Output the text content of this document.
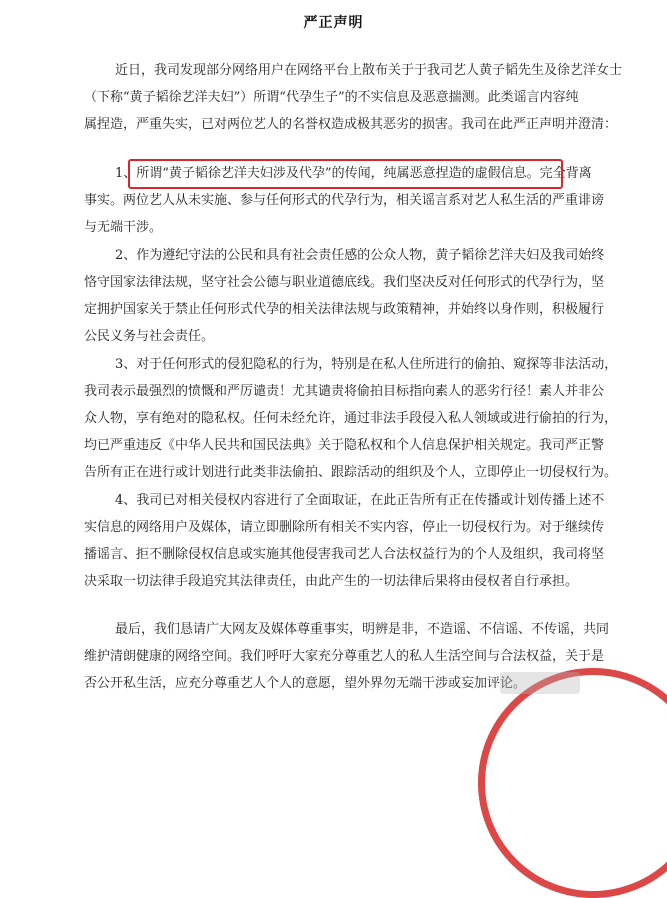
严正声明
近日，我司发现部分网络用户在网络平台上散布关于于我司艺人黄子韬先生及徐艺洋女士
（下称“黄子韬徐艺洋夫妇”）所谓“代孕生子”的不实信息及恶意揣测。此类谣言内容纯
属捏造，严重失实，已对两位艺人的名誉权造成极其恶劣的损害。我司在此严正声明并澄清：
1、所谓“黄子韬徐艺洋夫妇涉及代孕”的传闻，纯属恶意捏造的虚假信息。完全背离
事实。两位艺人从未实施、参与任何形式的代孕行为，相关谣言系对艺人私生活的严重诽谤
与无端干涉。
2、作为遵纪守法的公民和具有社会责任感的公众人物，黄子韬徐艺洋夫妇及我司始终
恪守国家法律法规，坚守社会公德与职业道德底线。我们坚决反对任何形式的代孕行为，坚
定拥护国家关于禁止任何形式代孕的相关法律法规与政策精神，并始终以身作则，积极履行
公民义务与社会责任。
3、对于任何形式的侵犯隐私的行为，特别是在私人住所进行的偷拍、窥探等非法活动，
我司表示最强烈的愤慨和严厉谴责！尤其谴责将偷拍目标指向素人的恶劣行径！素人并非公
众人物，享有绝对的隐私权。任何未经允许，通过非法手段侵入私人领域或进行偷拍的行为，
均已严重违反《中华人民共和国民法典》关于隐私权和个人信息保护相关规定。我司严正警
告所有正在进行或计划进行此类非法偷拍、跟踪活动的组织及个人，立即停止一切侵权行为。
4、我司已对相关侵权内容进行了全面取证，在此正告所有正在传播或计划传播上述不
实信息的网络用户及媒体，请立即删除所有相关不实内容，停止一切侵权行为。对于继续传
播谣言、拒不删除侵权信息或实施其他侵害我司艺人合法权益行为的个人及组织，我司将坚
决采取一切法律手段追究其法律责任，由此产生的一切法律后果将由侵权者自行承担。
最后，我们恳请广大网友及媒体尊重事实，明辨是非，不造谣、不信谣、不传谣，共同
维护清朗健康的网络空间。我们呼吁大家充分尊重艺人的私人生活空间与合法权益，关于是
否公开私生活，应充分尊重艺人个人的意愿，望外界勿无端干涉或妄加评论。
